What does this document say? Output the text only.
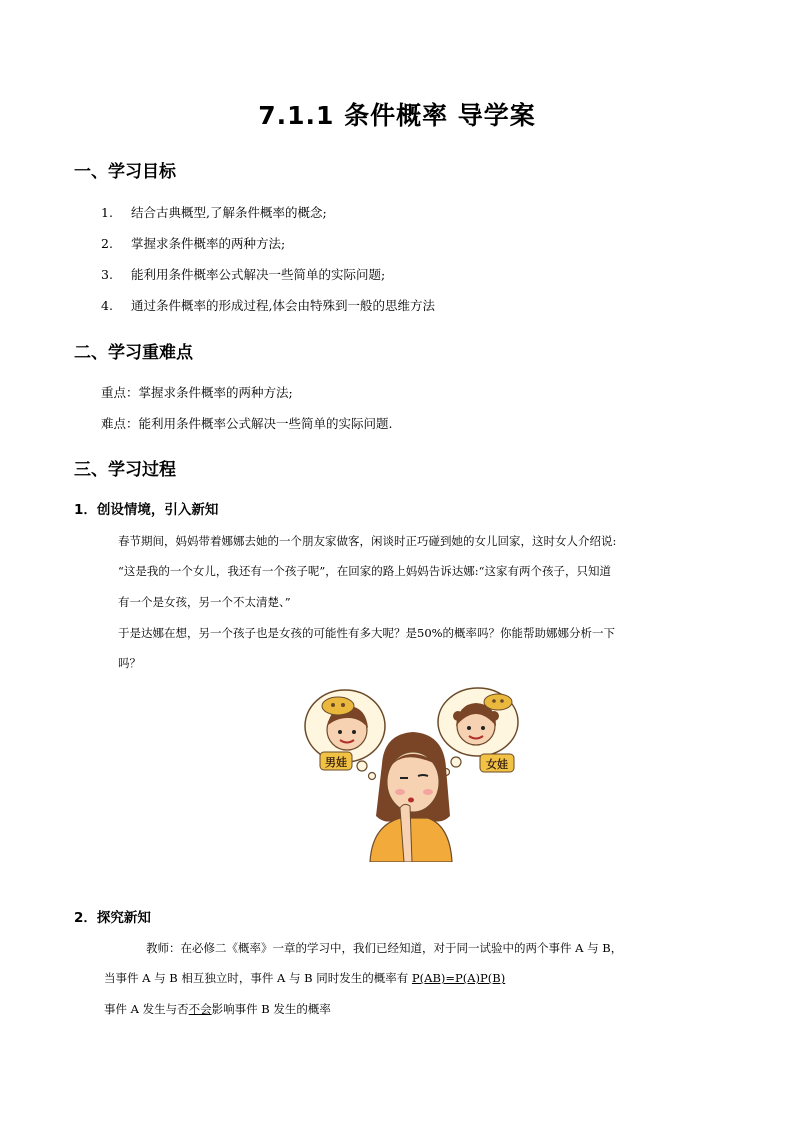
7.1.1 条件概率 导学案
一、学习目标
1. 结合古典概型,了解条件概率的概念;
2. 掌握求条件概率的两种方法;
3. 能利用条件概率公式解决一些简单的实际问题;
4. 通过条件概率的形成过程,体会由特殊到一般的思维方法
二、学习重难点
重点：掌握求条件概率的两种方法;
难点：能利用条件概率公式解决一些简单的实际问题.
三、学习过程
1．创设情境，引入新知
春节期间，妈妈带着娜娜去她的一个朋友家做客，闲谈时正巧碰到她的女儿回家，这时女人介绍说:
“这是我的一个女儿，我还有一个孩子呢”，在回家的路上妈妈告诉达娜:“这家有两个孩子，只知道
有一个是女孩，另一个不太清楚、”
于是达娜在想，另一个孩子也是女孩的可能性有多大呢？是50%的概率吗？你能帮助娜娜分析一下
吗？
男娃	女娃
2．探究新知
教师：在必修二《概率》一章的学习中，我们已经知道，对于同一试验中的两个事件 A 与 B，
当事件 A 与 B 相互独立时，事件 A 与 B 同时发生的概率有 P(AB)=P(A)P(B)
事件 A 发生与否不会影响事件 B 发生的概率
